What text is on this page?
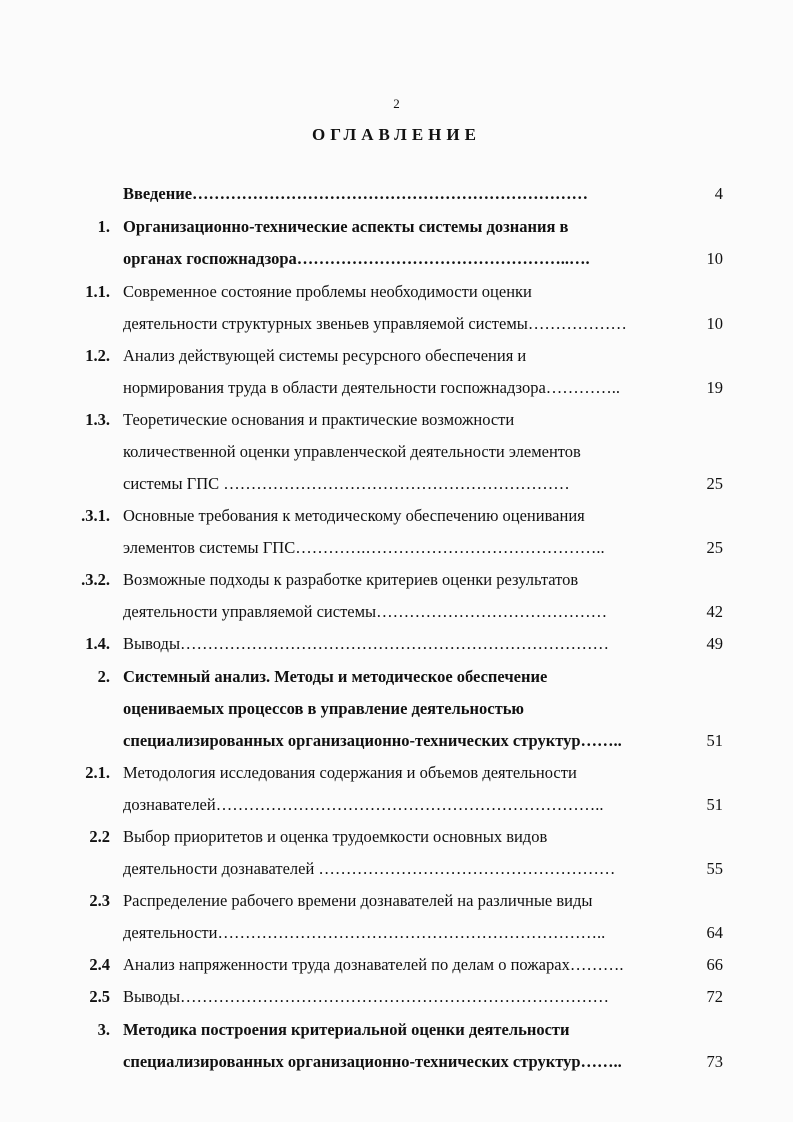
2
ОГЛАВЛЕНИЕ
Введение………………………………………………………………	4
1. Организационно-технические аспекты системы дознания в
органах госпожнадзора…………………………………………..….	10
1.1. Современное состояние проблемы необходимости оценки
деятельности структурных звеньев управляемой системы………………	10
1.2. Анализ действующей системы ресурсного обеспечения и
нормирования труда в области деятельности госпожнадзора…………..	19
1.3. Теоретические основания и практические возможности
количественной оценки управленческой деятельности элементов
системы ГПС ………………………………………………………	25
.3.1. Основные требования к методическому обеспечению оценивания
элементов системы ГПС………….……………………………………..	25
.3.2. Возможные подходы к разработке критериев оценки результатов
деятельности управляемой системы……………………………………	42
1.4. Выводы……………………………………………………………………	49
2. Системный анализ. Методы и методическое обеспечение
оцениваемых процессов в управление деятельностью
специализированных организационно-технических структур……..	51
2.1. Методология исследования содержания и объемов деятельности
дознавателей……………………………………………………………..	51
2.2 Выбор приоритетов и оценка трудоемкости основных видов
деятельности дознавателей ………………………………………………	55
2.3 Распределение рабочего времени дознавателей на различные виды
деятельности……………………………………………………………..	64
2.4 Анализ напряженности труда дознавателей по делам о пожарах……….	66
2.5 Выводы……………………………………………………………………	72
3. Методика построения критериальной оценки деятельности
специализированных организационно-технических структур……..	73
